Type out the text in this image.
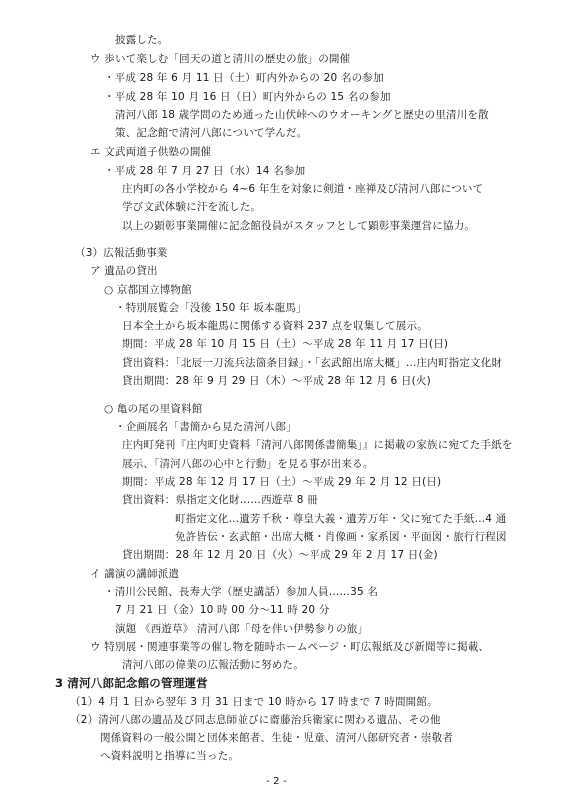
披露した。
ウ 歩いて楽しむ「回天の道と清川の歴史の旅」の開催
・平成 28 年 6 月 11 日（土）町内外からの 20 名の参加
・平成 28 年 10 月 16 日（日）町内外からの 15 名の参加
清河八郎 18 歳学問のため通った山伏峠へのウオーキングと歴史の里清川を散
策、記念館で清河八郎について学んだ。
エ 文武両道子供塾の開催
・平成 28 年 7 月 27 日（水）14 名参加
庄内町の各小学校から 4~6 年生を対象に剣道・座禅及び清河八郎について
学び文武体験に汗を流した。
以上の顕彰事業開催に記念館役員がスタッフとして顕彰事業運営に協力。
（3）広報活動事業
ア 遺品の貸出
○ 京都国立博物館
・特別展覧会「没後 150 年 坂本龍馬」
日本全土から坂本龍馬に関係する資料 237 点を収集して展示。
期間：平成 28 年 10 月 15 日（土）～平成 28 年 11 月 17 日(日)
貸出資料：「北辰一刀流兵法箇条目録」・「玄武館出席大概」…庄内町指定文化財
貸出期間：28 年 9 月 29 日（木）～平成 28 年 12 月 6 日(火)
○ 亀の尾の里資料館
・企画展名「書簡から見た清河八郎」
庄内町発刊『庄内町史資料「清河八郎関係書簡集」』に掲載の家族に宛てた手紙を
展示、「清河八郎の心中と行動」を見る事が出来る。
期間：平成 28 年 12 月 17 日（土）～平成 29 年 2 月 12 日(日)
貸出資料：県指定文化財……西遊草 8 冊
町指定文化…遺芳千秋・尊皇大義・遺芳万年・父に宛てた手紙…4 通
免許皆伝・玄武館・出席大概・肖像画・家系図・平面図・旅行行程図
貸出期間：28 年 12 月 20 日（火）～平成 29 年 2 月 17 日(金)
イ 講演の講師派遣
・清川公民館、長寿大学（歴史講話）参加人員……35 名
7 月 21 日（金）10 時 00 分～11 時 20 分
演題 《西遊草》 清河八郎「母を伴い伊勢参りの旅」
ウ 特別展・関連事業等の催し物を随時ホームページ・町広報紙及び新聞等に掲載、
清河八郎の偉業の広報活動に努めた。
3 清河八郎記念館の管理運営
（1）4 月 1 日から翌年 3 月 31 日まで 10 時から 17 時まで 7 時間開館。
（2）清河八郎の遺品及び同志息師並びに齋藤治兵衛家に関わる遺品、その他
関係資料の一般公開と団体来館者、生徒・児童、清河八郎研究者・崇敬者
へ資料説明と指導に当った。
- 2 -
